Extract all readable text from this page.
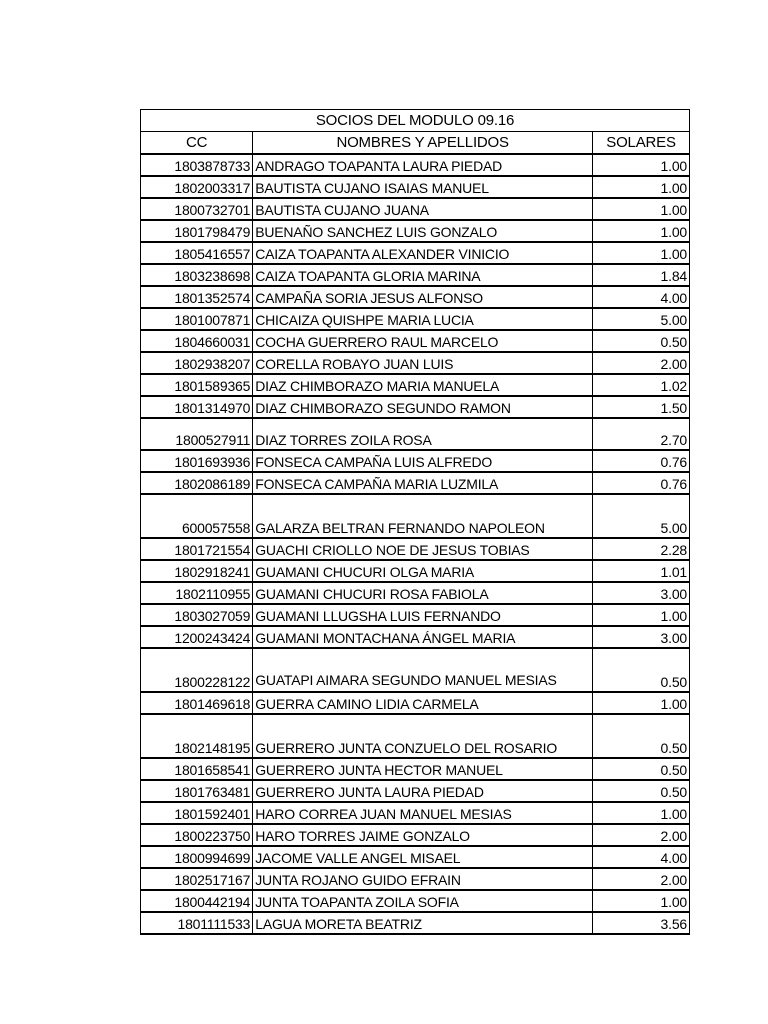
SOCIOS DEL MODULO 09.16		
CC	NOMBRES Y APELLIDOS	SOLARES
1803878733	ANDRAGO TOAPANTA LAURA PIEDAD	1.00
1802003317	BAUTISTA CUJANO ISAIAS MANUEL	1.00
1800732701	BAUTISTA CUJANO JUANA	1.00
1801798479	BUENAÑO SANCHEZ LUIS GONZALO	1.00
1805416557	CAIZA TOAPANTA ALEXANDER VINICIO	1.00
1803238698	CAIZA TOAPANTA GLORIA MARINA	1.84
1801352574	CAMPAÑA SORIA JESUS ALFONSO	4.00
1801007871	CHICAIZA QUISHPE MARIA LUCIA	5.00
1804660031	COCHA GUERRERO RAUL MARCELO	0.50
1802938207	CORELLA ROBAYO JUAN LUIS	2.00
1801589365	DIAZ CHIMBORAZO MARIA MANUELA	1.02
1801314970	DIAZ CHIMBORAZO SEGUNDO RAMON	1.50
1800527911	DIAZ TORRES ZOILA ROSA	2.70
1801693936	FONSECA CAMPAÑA LUIS ALFREDO	0.76
1802086189	FONSECA CAMPAÑA MARIA LUZMILA	0.76
600057558	GALARZA BELTRAN FERNANDO NAPOLEON	5.00
1801721554	GUACHI CRIOLLO NOE DE JESUS TOBIAS	2.28
1802918241	GUAMANI CHUCURI OLGA MARIA	1.01
1802110955	GUAMANI CHUCURI ROSA FABIOLA	3.00
1803027059	GUAMANI LLUGSHA LUIS FERNANDO	1.00
1200243424	GUAMANI MONTACHANA ÁNGEL MARIA	3.00
1800228122	GUATAPI AIMARA SEGUNDO MANUEL MESIAS	0.50
1801469618	GUERRA CAMINO LIDIA CARMELA	1.00
1802148195	GUERRERO JUNTA CONZUELO DEL ROSARIO	0.50
1801658541	GUERRERO JUNTA HECTOR MANUEL	0.50
1801763481	GUERRERO JUNTA LAURA PIEDAD	0.50
1801592401	HARO CORREA JUAN MANUEL MESIAS	1.00
1800223750	HARO TORRES JAIME GONZALO	2.00
1800994699	JACOME VALLE ANGEL MISAEL	4.00
1802517167	JUNTA ROJANO GUIDO EFRAIN	2.00
1800442194	JUNTA TOAPANTA ZOILA SOFIA	1.00
1801111533	LAGUA MORETA BEATRIZ	3.56
